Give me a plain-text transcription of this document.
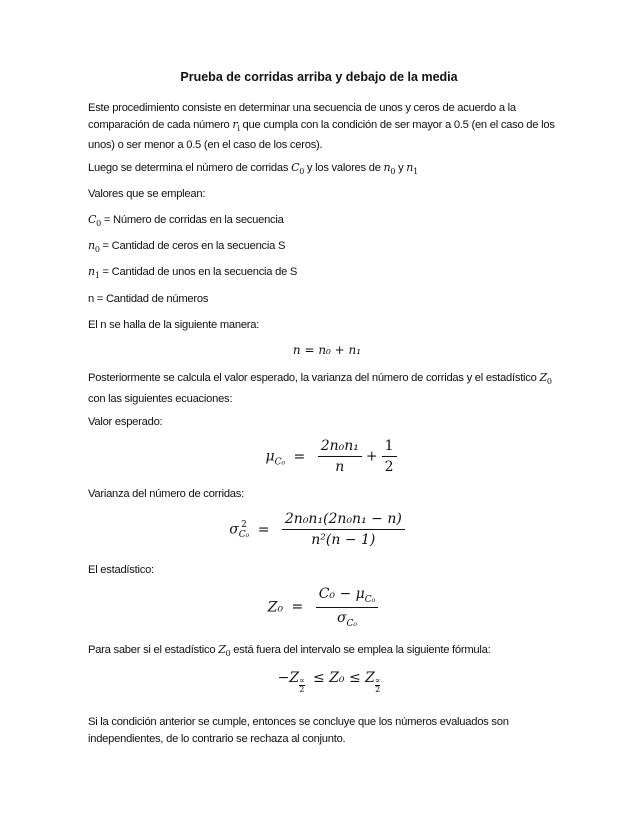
Prueba de corridas arriba y debajo de la media
Este procedimiento consiste en determinar una secuencia de unos y ceros de acuerdo a la comparación de cada número $r_i$ que cumpla con la condición de ser mayor a 0.5 (en el caso de los unos) o ser menor a 0.5 (en el caso de los ceros).
Luego se determina el número de corridas $C_0$ y los valores de $n_0$ y $n_1$
Valores que se emplean:
$C_0$ = Número de corridas en la secuencia
$n_0$ = Cantidad de ceros en la secuencia S
$n_1$ = Cantidad de unos en la secuencia de S
n = Cantidad de números
El n se halla de la siguiente manera:
n = n₀ + n₁
Posteriormente se calcula el valor esperado, la varianza del número de corridas y el estadístico $Z_0$ con las siguientes ecuaciones:
Valor esperado:
$\mu_{C_0} = \frac{\text{2n₀n₁}}{n} + \frac{1}{2}$
Varianza del número de corridas:
σ 2
$C_0 = \frac{\text{2n₀n₁(2n₀n₁ − n)}}{\text{n²(n − 1)}}$
El estadístico:
$Z_0 = \frac{C_0 - \mu_{C_0}}{\sigma_{C_0}}$
Para saber si el estadístico $Z_0$ está fuera del intervalo se emplea la siguiente fórmula:
−Z ∝
2
≤ Z₀ ≤ Z ∝
2
Si la condición anterior se cumple, entonces se concluye que los números evaluados son independientes, de lo contrario se rechaza al conjunto.
